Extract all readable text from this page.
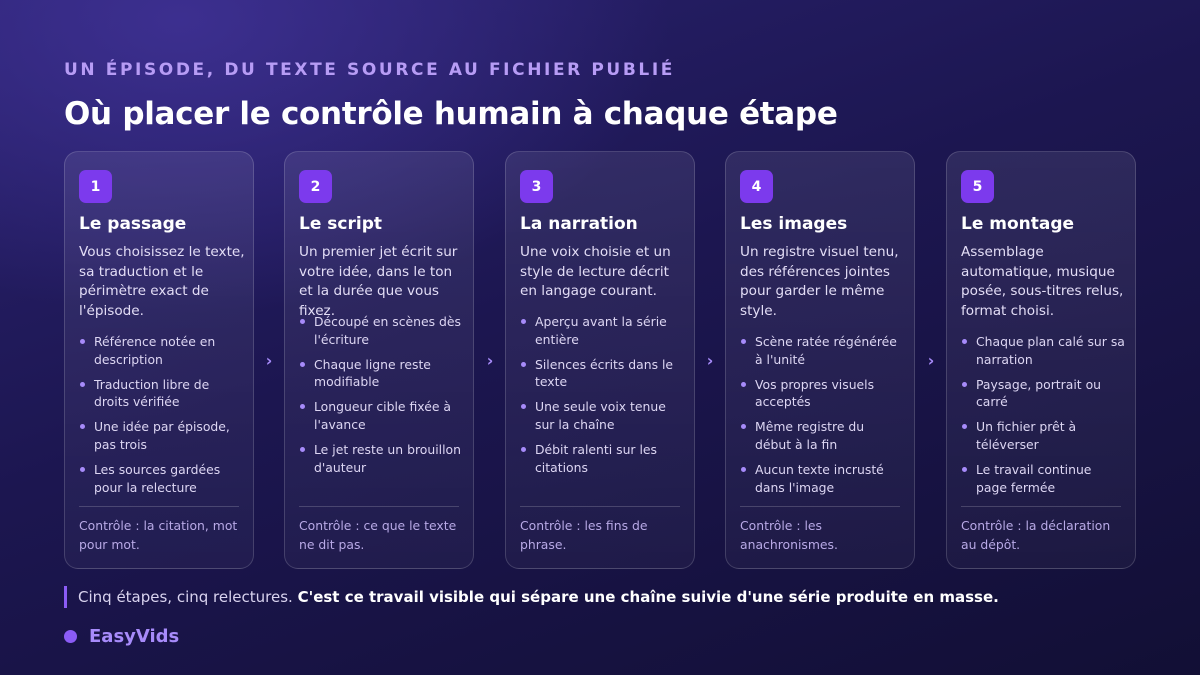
UN ÉPISODE, DU TEXTE SOURCE AU FICHIER PUBLIÉ
Où placer le contrôle humain à chaque étape
1
Le passage
Vous choisissez le texte, sa traduction et le périmètre exact de l'épisode.
Référence notée en description
Traduction libre de droits vérifiée
Une idée par épisode, pas trois
Les sources gardées pour la relecture
Contrôle : la citation, mot pour mot.
›
2
Le script
Un premier jet écrit sur votre idée, dans le ton et la durée que vous fixez.
Découpé en scènes dès l'écriture
Chaque ligne reste modifiable
Longueur cible fixée à l'avance
Le jet reste un brouillon d'auteur
Contrôle : ce que le texte ne dit pas.
›
3
La narration
Une voix choisie et un style de lecture décrit en langage courant.
Aperçu avant la série entière
Silences écrits dans le texte
Une seule voix tenue sur la chaîne
Débit ralenti sur les citations
Contrôle : les fins de phrase.
›
4
Les images
Un registre visuel tenu, des références jointes pour garder le même style.
Scène ratée régénérée à l'unité
Vos propres visuels acceptés
Même registre du début à la fin
Aucun texte incrusté dans l'image
Contrôle : les anachronismes.
›
5
Le montage
Assemblage automatique, musique posée, sous-titres relus, format choisi.
Chaque plan calé sur sa narration
Paysage, portrait ou carré
Un fichier prêt à téléverser
Le travail continue page fermée
Contrôle : la déclaration au dépôt.
Cinq étapes, cinq relectures. C'est ce travail visible qui sépare une chaîne suivie d'une série produite en masse.
EasyVids
